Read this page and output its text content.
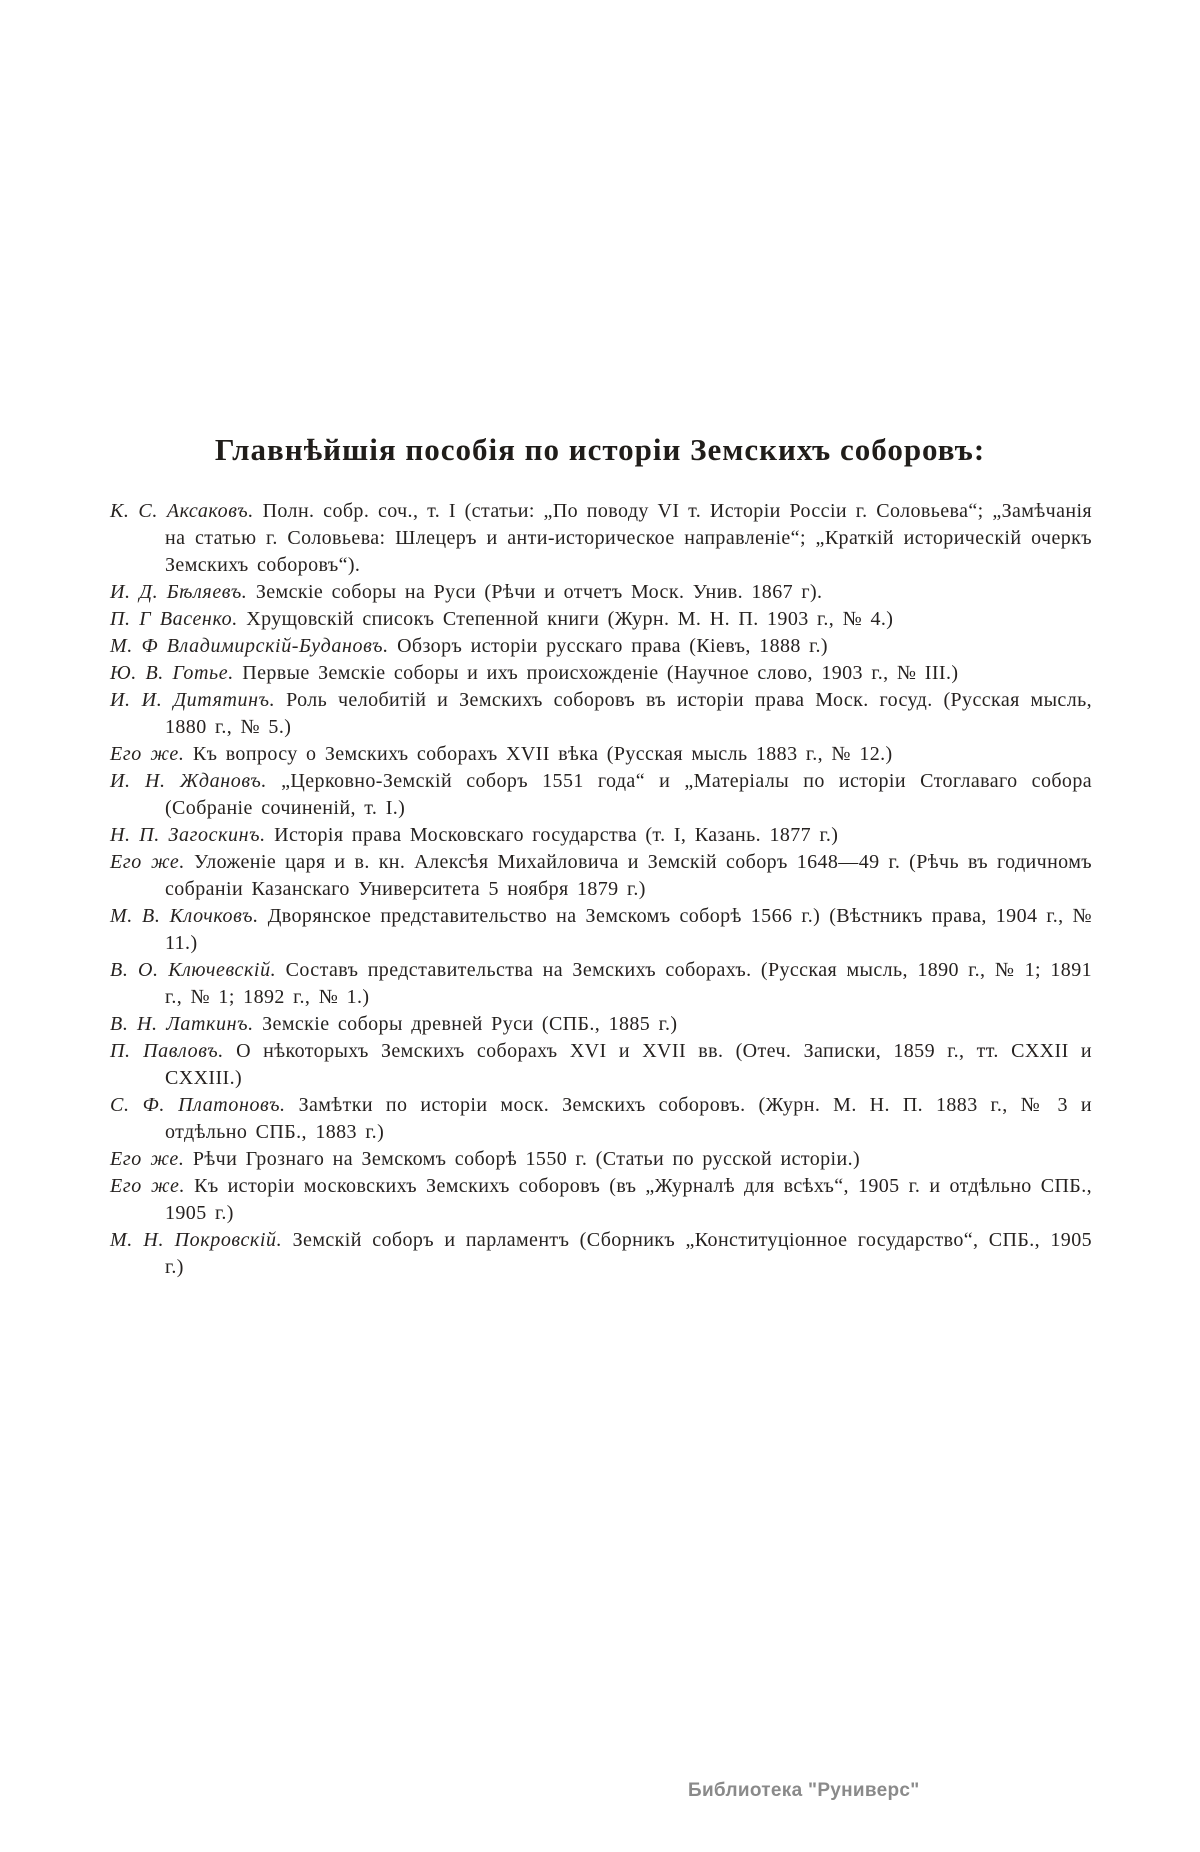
Главнѣйшія пособія по исторіи Земскихъ соборовъ:

К. С. Аксаковъ. Полн. собр. соч., т. I (статьи: „По поводу VI т. Исторіи Россіи г. Соловьева“; „Замѣчанія на статью г. Соловьева: Шлецеръ и анти-историческое направленіе“; „Краткій историческій очеркъ Земскихъ соборовъ“).

И. Д. Бѣляевъ. Земскіе соборы на Руси (Рѣчи и отчетъ Моск. Унив. 1867 г).

П. Г Васенко. Хрущовскій списокъ Степенной книги (Журн. М. Н. П. 1903 г., № 4.)

М. Ф Владимирскій-Будановъ. Обзоръ исторіи русскаго права (Кіевъ, 1888 г.)

Ю. В. Готье. Первые Земскіе соборы и ихъ происхожденіе (Научное слово, 1903 г., № III.)

И. И. Дитятинъ. Роль челобитій и Земскихъ соборовъ въ исторіи права Моск. госуд. (Русская мысль, 1880 г., № 5.)

Его же. Къ вопросу о Земскихъ соборахъ XVII вѣка (Русская мысль 1883 г., № 12.)

И. Н. Ждановъ. „Церковно-Земскій соборъ 1551 года“ и „Матеріалы по исторіи Стоглаваго собора (Собраніе сочиненій, т. I.)

Н. П. Загоскинъ. Исторія права Московскаго государства (т. I, Казань. 1877 г.)

Его же. Уложеніе царя и в. кн. Алексѣя Михайловича и Земскій соборъ 1648—49 г. (Рѣчь въ годичномъ собраніи Казанскаго Университета 5 ноября 1879 г.)

М. В. Клочковъ. Дворянское представительство на Земскомъ соборѣ 1566 г.) (Вѣстникъ права, 1904 г., № 11.)

В. О. Ключевскій. Составъ представительства на Земскихъ соборахъ. (Русская мысль, 1890 г., № 1; 1891 г., № 1; 1892 г., № 1.)

В. Н. Латкинъ. Земскіе соборы древней Руси (СПБ., 1885 г.)

П. Павловъ. О нѣкоторыхъ Земскихъ соборахъ XVI и XVII вв. (Отеч. Записки, 1859 г., тт. CXXII и CXXIII.)

С. Ф. Платоновъ. Замѣтки по исторіи моск. Земскихъ соборовъ. (Журн. М. Н. П. 1883 г., № 3 и отдѣльно СПБ., 1883 г.)

Его же. Рѣчи Грознаго на Земскомъ соборѣ 1550 г. (Статьи по русской исторіи.)

Его же. Къ исторіи московскихъ Земскихъ соборовъ (въ „Журналѣ для всѣхъ“, 1905 г. и отдѣльно СПБ., 1905 г.)

М. Н. Покровскій. Земскій соборъ и парламентъ (Сборникъ „Конституціонное государство“, СПБ., 1905 г.)

Библиотека "Руниверс"
